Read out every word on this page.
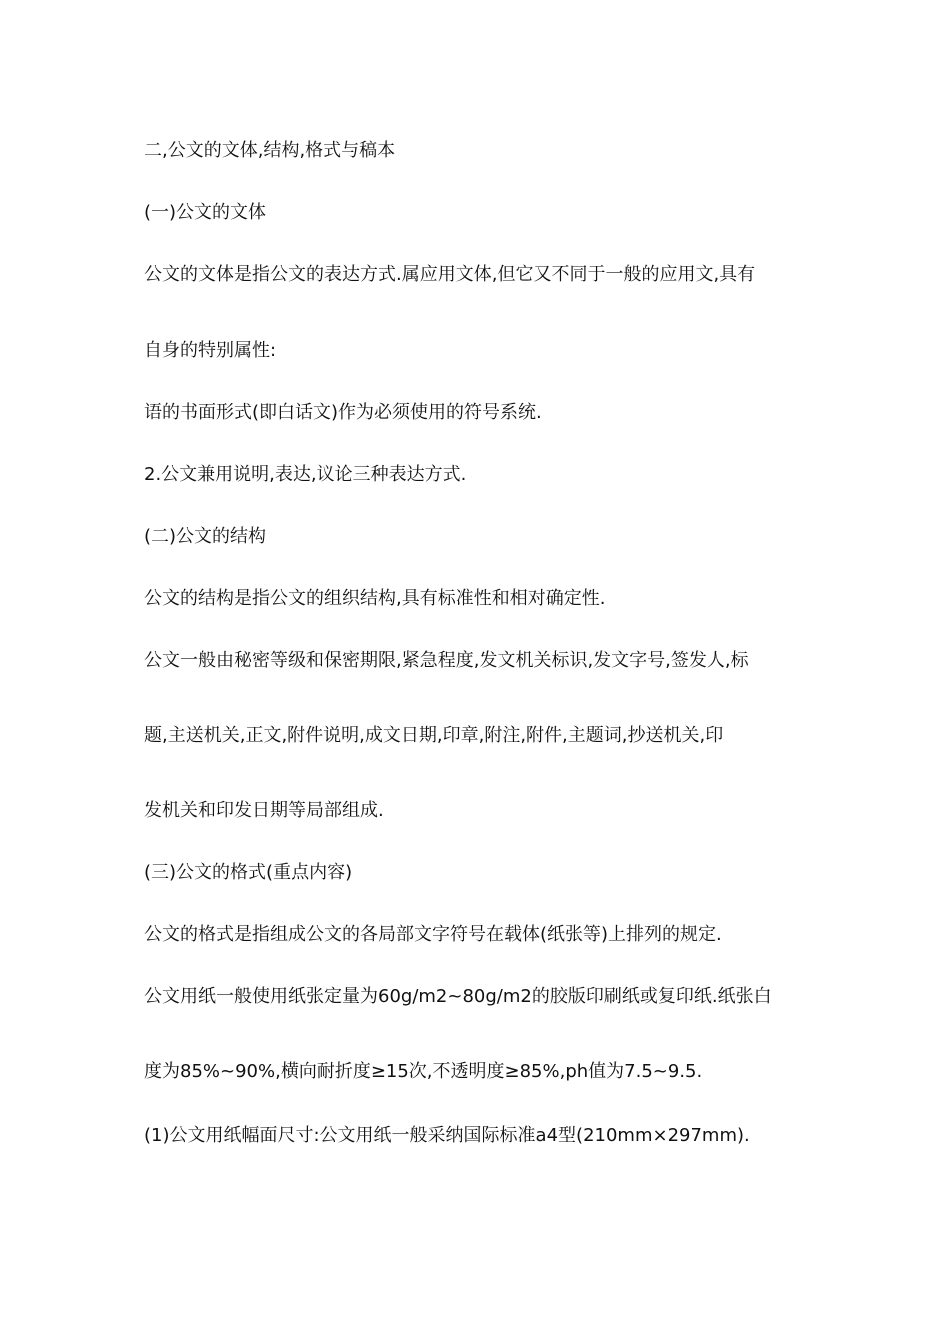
二,公文的文体,结构,格式与稿本
(一)公文的文体
公文的文体是指公文的表达方式.属应用文体,但它又不同于一般的应用文,具有
自身的特别属性:
语的书面形式(即白话文)作为必须使用的符号系统.
2.公文兼用说明,表达,议论三种表达方式.
(二)公文的结构
公文的结构是指公文的组织结构,具有标准性和相对确定性.
公文一般由秘密等级和保密期限,紧急程度,发文机关标识,发文字号,签发人,标
题,主送机关,正文,附件说明,成文日期,印章,附注,附件,主题词,抄送机关,印
发机关和印发日期等局部组成.
(三)公文的格式(重点内容)
公文的格式是指组成公文的各局部文字符号在载体(纸张等)上排列的规定.
公文用纸一般使用纸张定量为60g/m2~80g/m2的胶版印刷纸或复印纸.纸张白
度为85%~90%,横向耐折度≥15次,不透明度≥85%,ph值为7.5~9.5.
(1)公文用纸幅面尺寸:公文用纸一般采纳国际标准a4型(210mm×297mm).
